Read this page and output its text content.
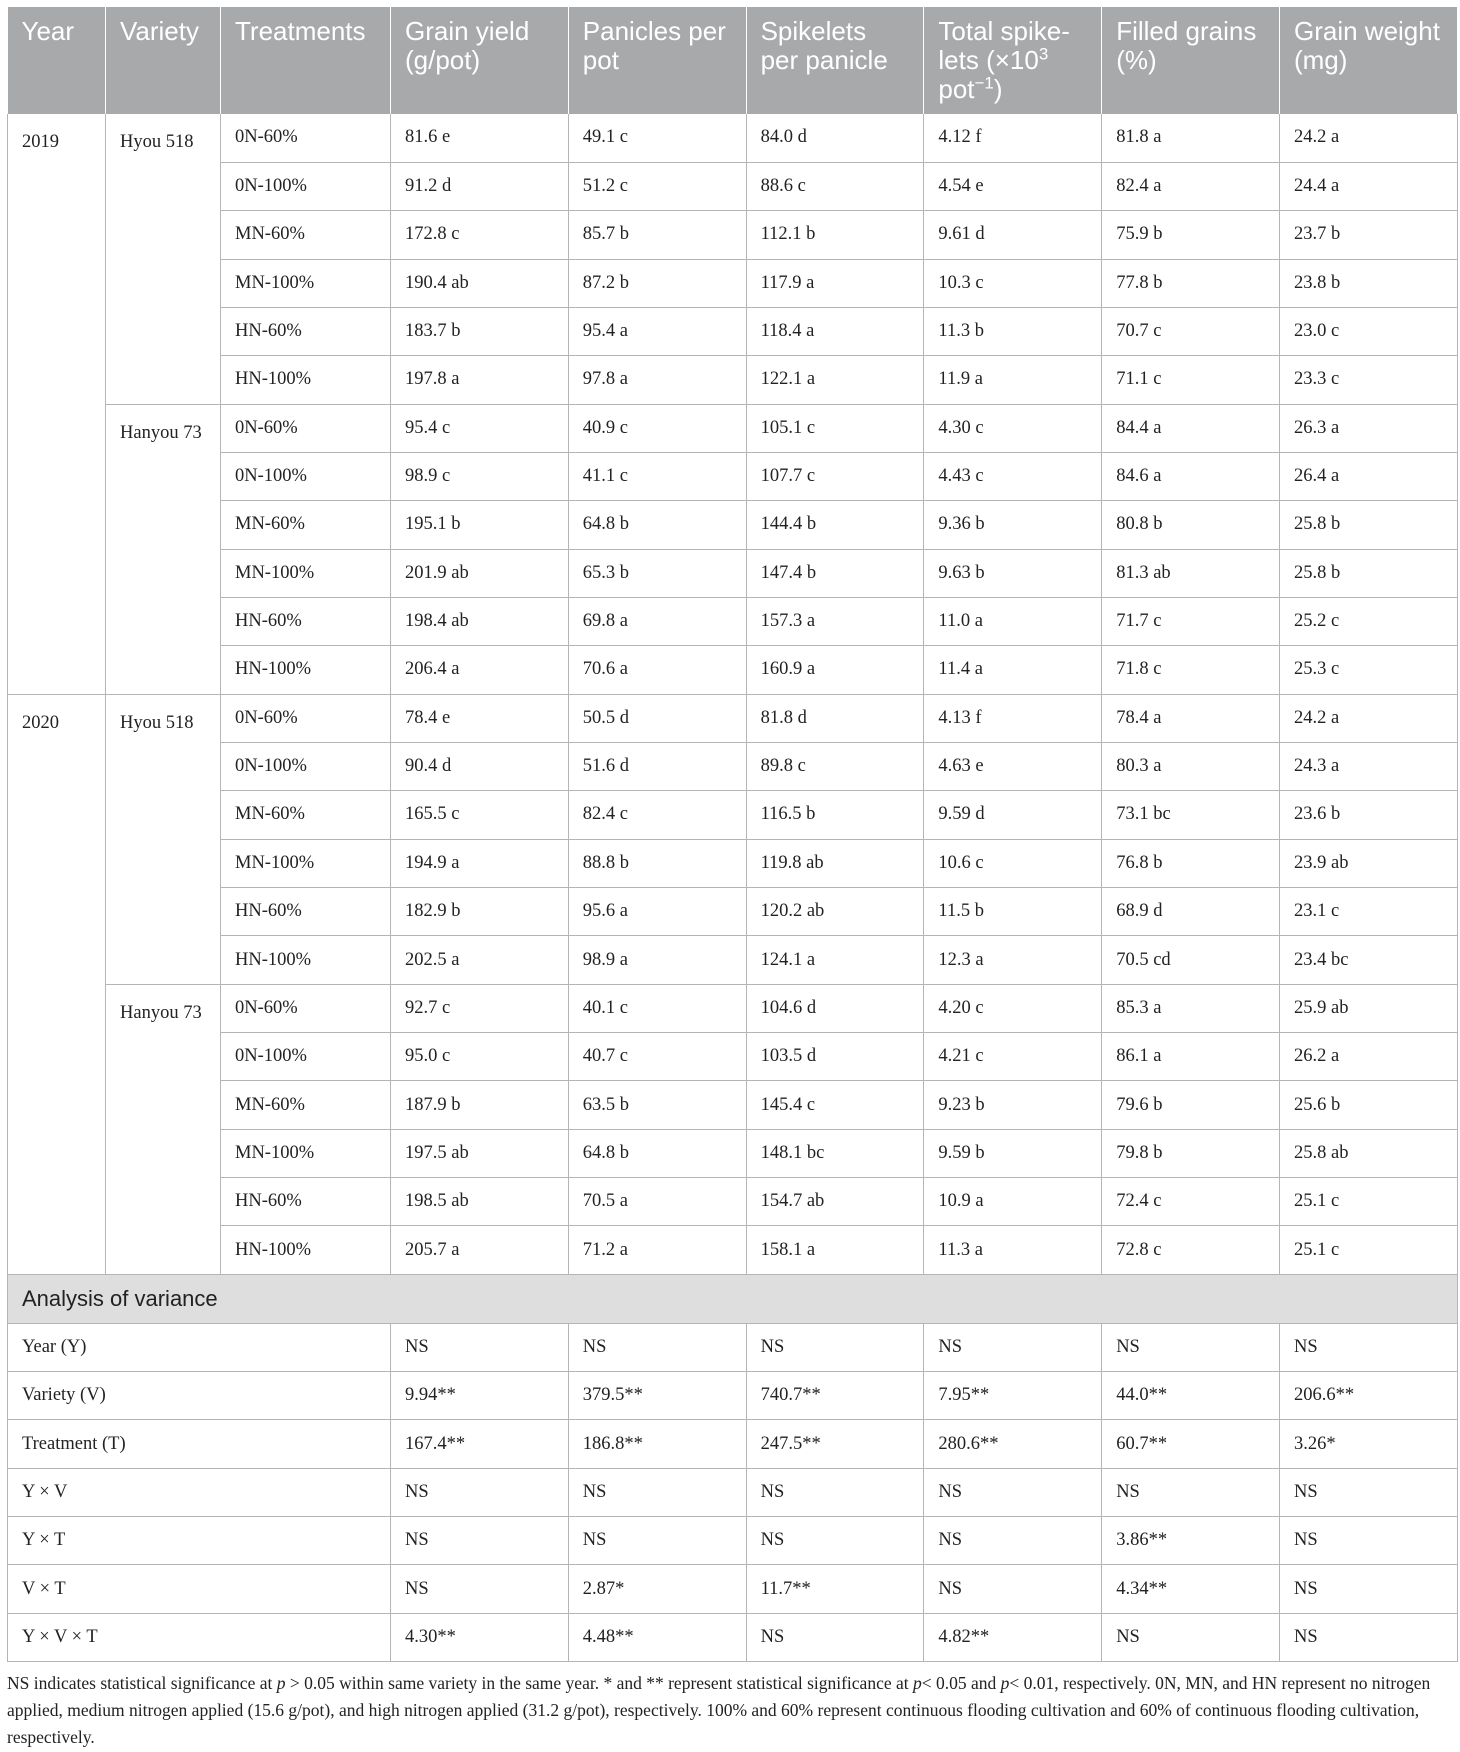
Year	Variety	Treatments	Grain yield (g/pot)	Panicles per pot	Spikelets per panicle	Total spike-lets ($\times 10^3$ pot$^{-1}$)	Filled grains (%)	Grain weight (mg)
2019	Hyou 518	0N-60%	81.6 e	49.1 c	84.0 d	4.12 f	81.8 a	24.2 a
		0N-100%	91.2 d	51.2 c	88.6 c	4.54 e	82.4 a	24.4 a
		MN-60%	172.8 c	85.7 b	112.1 b	9.61 d	75.9 b	23.7 b
		MN-100%	190.4 ab	87.2 b	117.9 a	10.3 c	77.8 b	23.8 b
		HN-60%	183.7 b	95.4 a	118.4 a	11.3 b	70.7 c	23.0 c
		HN-100%	197.8 a	97.8 a	122.1 a	11.9 a	71.1 c	23.3 c
	Hanyou 73	0N-60%	95.4 c	40.9 c	105.1 c	4.30 c	84.4 a	26.3 a
		0N-100%	98.9 c	41.1 c	107.7 c	4.43 c	84.6 a	26.4 a
		MN-60%	195.1 b	64.8 b	144.4 b	9.36 b	80.8 b	25.8 b
		MN-100%	201.9 ab	65.3 b	147.4 b	9.63 b	81.3 ab	25.8 b
		HN-60%	198.4 ab	69.8 a	157.3 a	11.0 a	71.7 c	25.2 c
		HN-100%	206.4 a	70.6 a	160.9 a	11.4 a	71.8 c	25.3 c
2020	Hyou 518	0N-60%	78.4 e	50.5 d	81.8 d	4.13 f	78.4 a	24.2 a
		0N-100%	90.4 d	51.6 d	89.8 c	4.63 e	80.3 a	24.3 a
		MN-60%	165.5 c	82.4 c	116.5 b	9.59 d	73.1 bc	23.6 b
		MN-100%	194.9 a	88.8 b	119.8 ab	10.6 c	76.8 b	23.9 ab
		HN-60%	182.9 b	95.6 a	120.2 ab	11.5 b	68.9 d	23.1 c
		HN-100%	202.5 a	98.9 a	124.1 a	12.3 a	70.5 cd	23.4 bc
	Hanyou 73	0N-60%	92.7 c	40.1 c	104.6 d	4.20 c	85.3 a	25.9 ab
		0N-100%	95.0 c	40.7 c	103.5 d	4.21 c	86.1 a	26.2 a
		MN-60%	187.9 b	63.5 b	145.4 c	9.23 b	79.6 b	25.6 b
		MN-100%	197.5 ab	64.8 b	148.1 bc	9.59 b	79.8 b	25.8 ab
		HN-60%	198.5 ab	70.5 a	154.7 ab	10.9 a	72.4 c	25.1 c
		HN-100%	205.7 a	71.2 a	158.1 a	11.3 a	72.8 c	25.1 c
Analysis of variance								
Year (Y)			NS	NS	NS	NS	NS	NS
Variety (V)			9.94**	379.5**	740.7**	7.95**	44.0**	206.6**
Treatment (T)			167.4**	186.8**	247.5**	280.6**	60.7**	3.26*
Y × V			NS	NS	NS	NS	NS	NS
Y × T			NS	NS	NS	NS	3.86**	NS
V × T			NS	2.87*	11.7**	NS	4.34**	NS
Y × V × T			4.30**	4.48**	NS	4.82**	NS	NS
NS indicates statistical significance at p > 0.05 within same variety in the same year. * and ** represent statistical significance at p< 0.05 and p< 0.01, respectively. 0N, MN, and HN represent no nitrogen applied, medium nitrogen applied (15.6 g/pot), and high nitrogen applied (31.2 g/pot), respectively. 100% and 60% represent continuous flooding cultivation and 60% of continuous flooding cultivation, respectively.
